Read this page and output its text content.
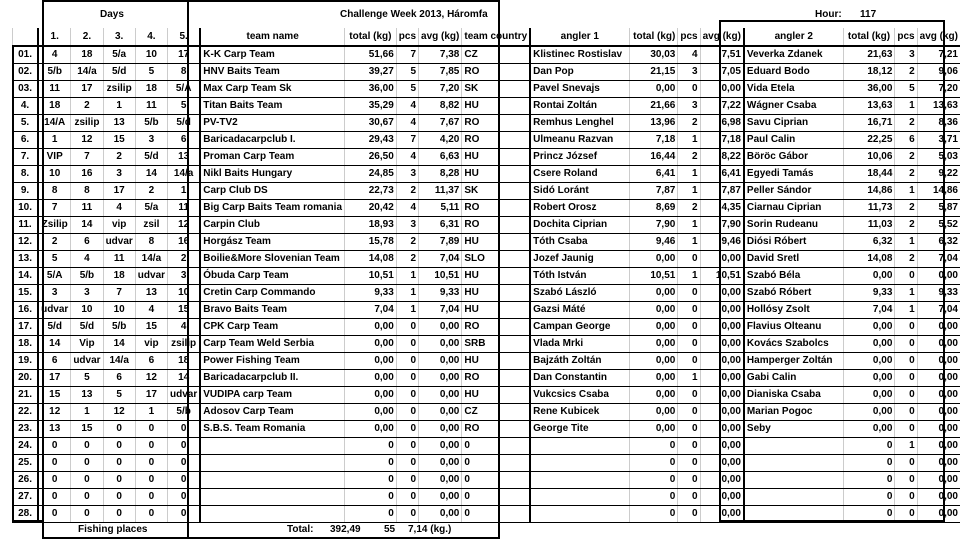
Days	Challenge Week 2013, Háromfa	Hour: 117
	1.	2.	3.	4.	5.	team name	total (kg)	pcs	avg (kg)	team country	angler 1	total (kg)	pcs	avg (kg)	angler 2	total (kg)	pcs	avg (kg)
01.	4	18	5/a	10	17	K-K Carp Team	51,66	7	7,38	CZ	Klistinec Rostislav	30,03	4	7,51	Veverka Zdanek	21,63	3	7,21
02.	5/b	14/a	5/d	5	8	HNV Baits Team	39,27	5	7,85	RO	Dan Pop	21,15	3	7,05	Eduard Bodo	18,12	2	9,06
03.	11	17	zsilip	18	5/A	Max Carp Team Sk	36,00	5	7,20	SK	Pavel Snevajs	0,00	0	0,00	Vida Etela	36,00	5	7,20
4.	18	2	1	11	5	Titan Baits Team	35,29	4	8,82	HU	Rontai Zoltán	21,66	3	7,22	Wágner Csaba	13,63	1	13,63
5.	14/A	zsilip	13	5/b	5/d	PV-TV2	30,67	4	7,67	RO	Remhus Lenghel	13,96	2	6,98	Savu Ciprian	16,71	2	8,36
6.	1	12	15	3	6	Baricadacarpclub I.	29,43	7	4,20	RO	Ulmeanu Razvan	7,18	1	7,18	Paul Calin	22,25	6	3,71
7.	VIP	7	2	5/d	13	Proman Carp Team	26,50	4	6,63	HU	Princz József	16,44	2	8,22	Böröc Gábor	10,06	2	5,03
8.	10	16	3	14	14/a	Nikl Baits Hungary	24,85	3	8,28	HU	Csere Roland	6,41	1	6,41	Egyedi Tamás	18,44	2	9,22
9.	8	8	17	2	1	Carp Club DS	22,73	2	11,37	SK	Sidó Loránt	7,87	1	7,87	Peller Sándor	14,86	1	14,86
10.	7	11	4	5/a	11	Big Carp Baits Team romania	20,42	4	5,11	RO	Robert Orosz	8,69	2	4,35	Ciarnau Ciprian	11,73	2	5,87
11.	Zsilip	14	vip	zsil	12	Carpin Club	18,93	3	6,31	RO	Dochita Ciprian	7,90	1	7,90	Sorin Rudeanu	11,03	2	5,52
12.	2	6	udvar	8	16	Horgász Team	15,78	2	7,89	HU	Tóth Csaba	9,46	1	9,46	Diósi Róbert	6,32	1	6,32
13.	5	4	11	14/a	2	Boilie&More Slovenian Team	14,08	2	7,04	SLO	Jozef Jaunig	0,00	0	0,00	David Sretl	14,08	2	7,04
14.	5/A	5/b	18	udvar	3	Óbuda Carp Team	10,51	1	10,51	HU	Tóth István	10,51	1	10,51	Szabó Béla	0,00	0	0,00
15.	3	3	7	13	10	Cretin Carp Commando	9,33	1	9,33	HU	Szabó László	0,00	0	0,00	Szabó Róbert	9,33	1	9,33
16.	udvar	10	10	4	15	Bravo Baits Team	7,04	1	7,04	HU	Gazsi Máté	0,00	0	0,00	Hollósy Zsolt	7,04	1	7,04
17.	5/d	5/d	5/b	15	4	CPK Carp Team	0,00	0	0,00	RO	Campan George	0,00	0	0,00	Flavius Olteanu	0,00	0	0,00
18.	14	Vip	14	vip	zsilip	Carp Team Weld Serbia	0,00	0	0,00	SRB	Vlada Mrki	0,00	0	0,00	Kovács Szabolcs	0,00	0	0,00
19.	6	udvar	14/a	6	18	Power Fishing Team	0,00	0	0,00	HU	Bajzáth Zoltán	0,00	0	0,00	Hamperger Zoltán	0,00	0	0,00
20.	17	5	6	12	14	Baricadacarpclub II.	0,00	0	0,00	RO	Dan Constantin	0,00	1	0,00	Gabi Calin	0,00	0	0,00
21.	15	13	5	17	udvar	VUDIPA carp Team	0,00	0	0,00	HU	Vukcsics Csaba	0,00	0	0,00	Dianiska Csaba	0,00	0	0,00
22.	12	1	12	1	5/b	Adosov Carp Team	0,00	0	0,00	CZ	Rene Kubicek	0,00	0	0,00	Marian Pogoc	0,00	0	0,00
23.	13	15	0	0	0	S.B.S. Team Romania	0,00	0	0,00	RO	George Tite	0,00	0	0,00	Seby	0,00	0	0,00
24.	0	0	0	0	0		0	0	0,00	0		0	0	0,00		0	1	0,00
25.	0	0	0	0	0		0	0	0,00	0		0	0	0,00		0	0	0,00
26.	0	0	0	0	0		0	0	0,00	0		0	0	0,00		0	0	0,00
27.	0	0	0	0	0		0	0	0,00	0		0	0	0,00		0	0	0,00
28.	0	0	0	0	0		0	0	0,00	0		0	0	0,00		0	0	0,00
Fishing places	Total: 392,49 55 7,14 (kg.)
